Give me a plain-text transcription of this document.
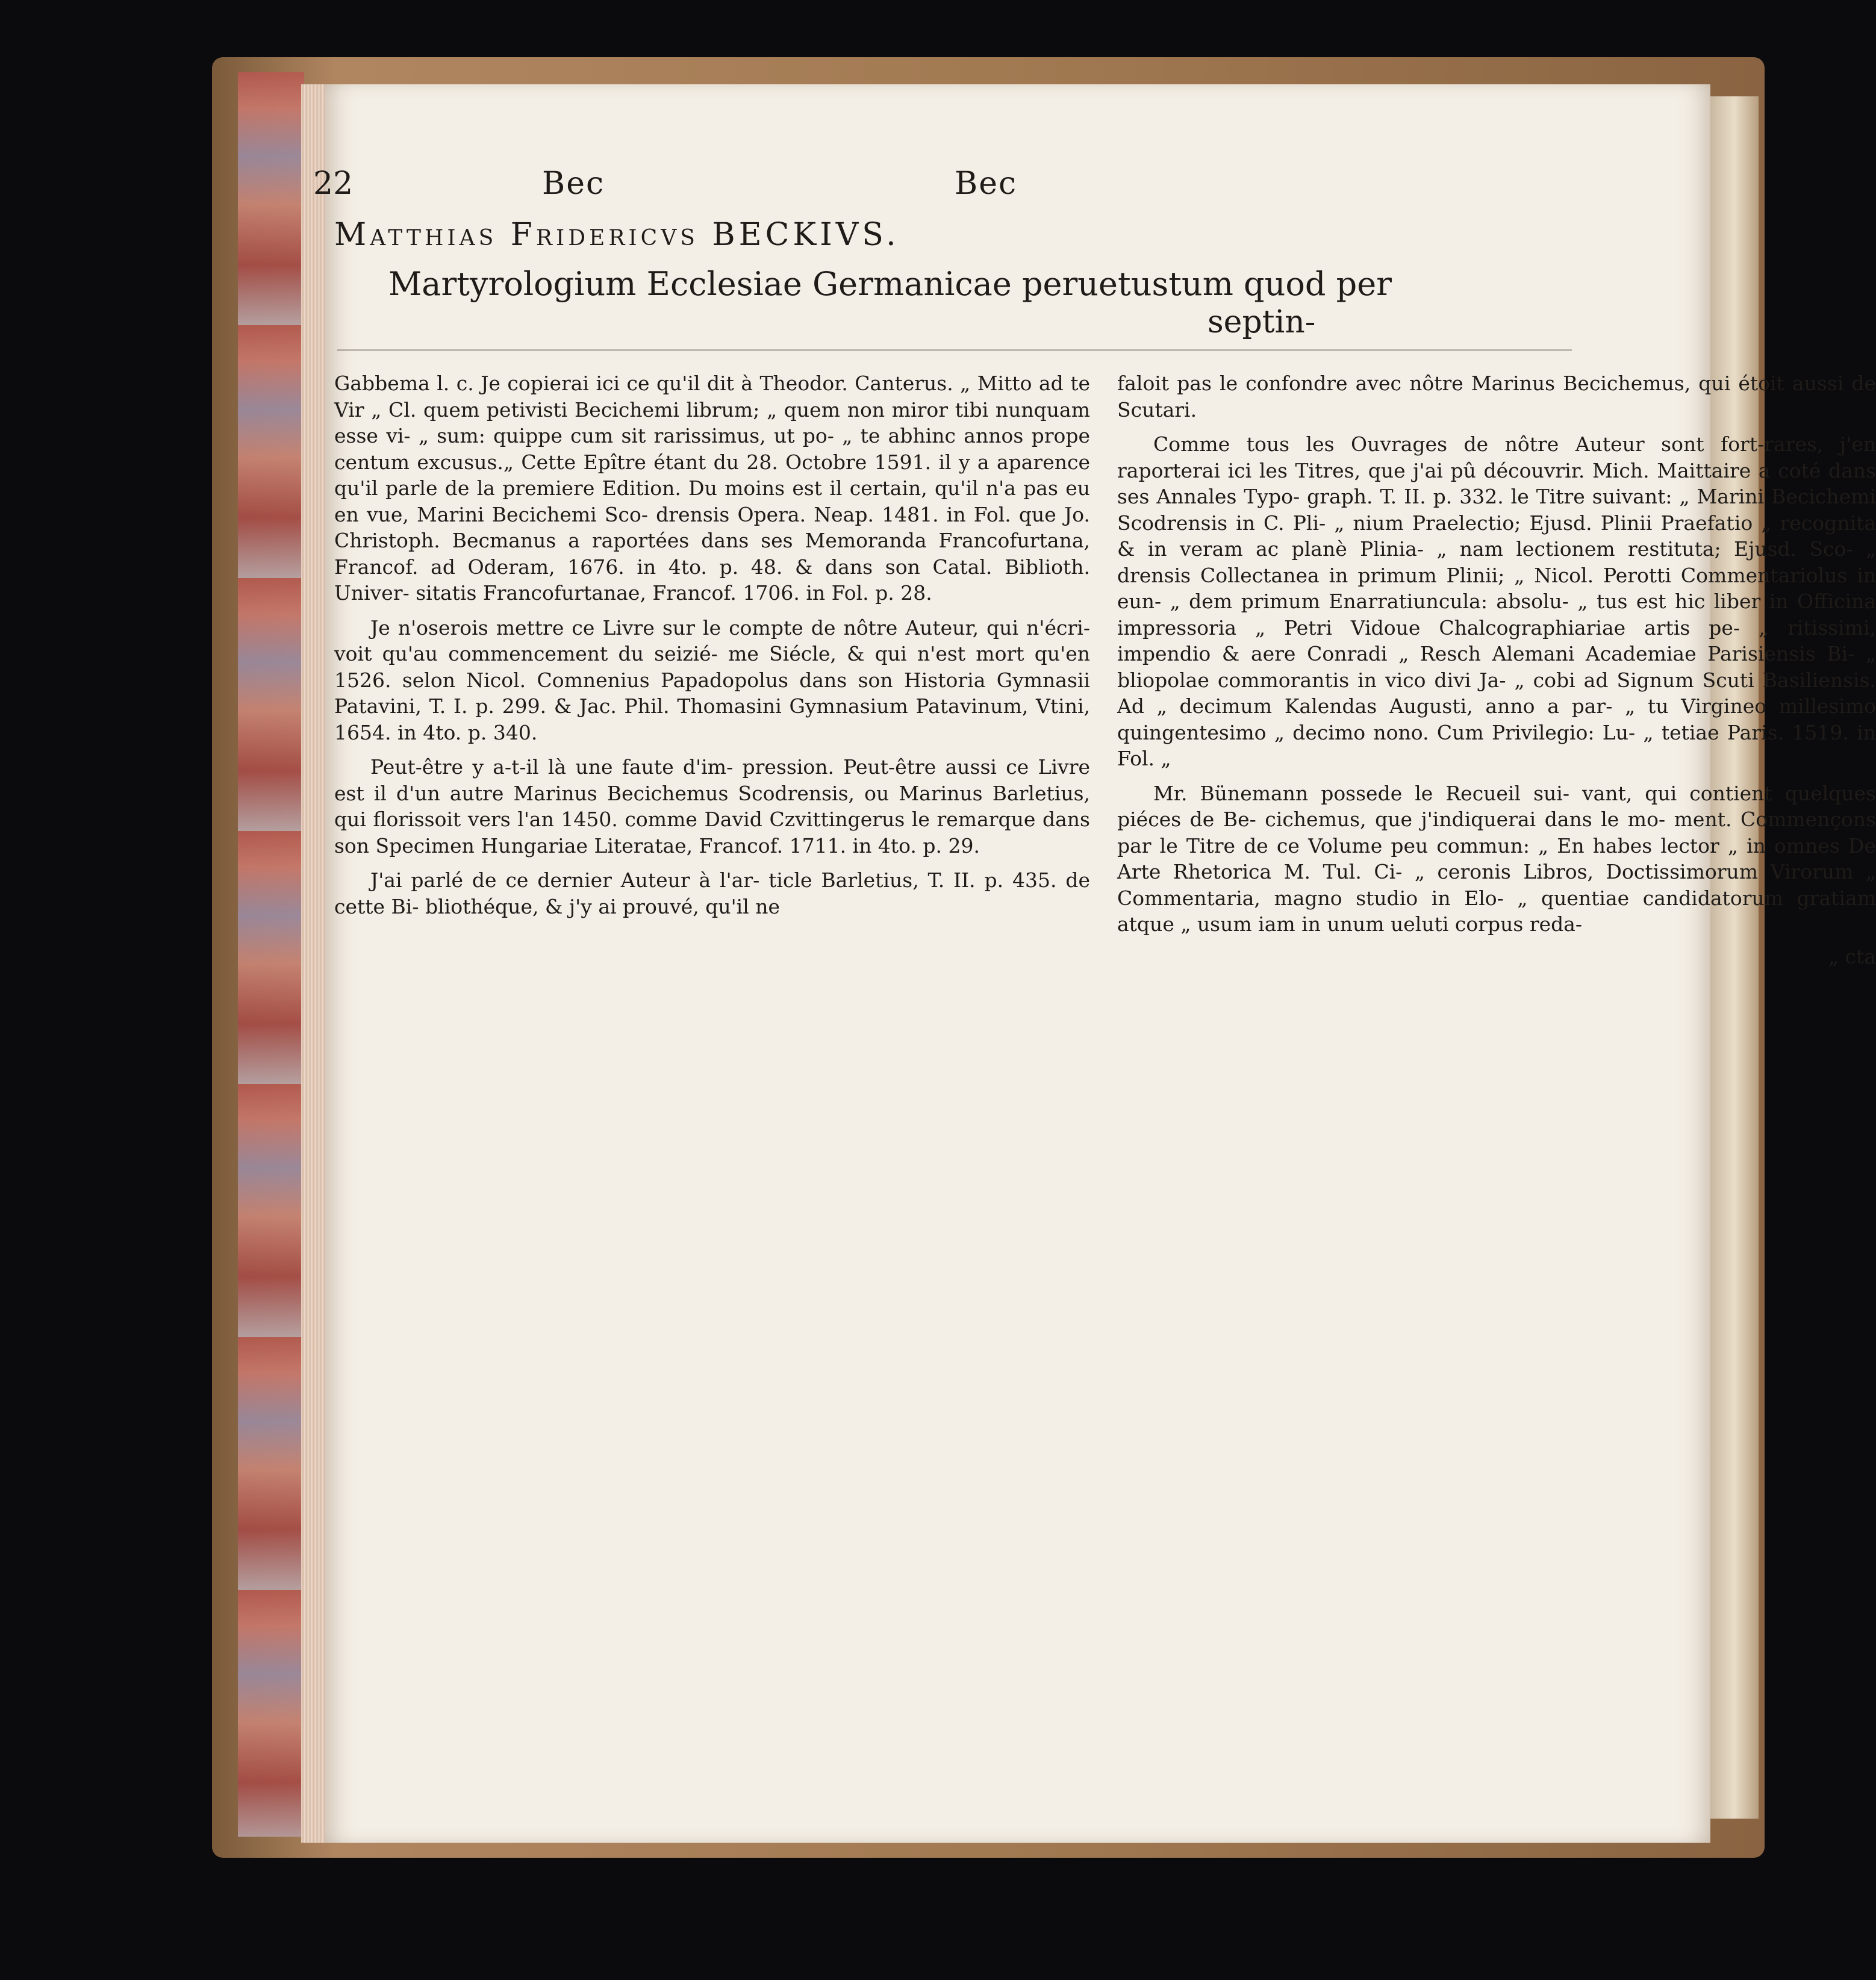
22	Bec	Bec
Matthias Fridericvs BECKIVS.
Martyrologium Ecclesiae Germanicae peruetustum quod per
septin-

Gabbema l. c. Je copierai ici ce qu'il dit à Theodor. Canterus. „ Mitto ad te Vir „ Cl. quem petivisti Becichemi librum; „ quem non miror tibi nunquam esse vi- „ sum: quippe cum sit rarissimus, ut po- „ te abhinc annos prope centum excusus.„ Cette Epître étant du 28. Octobre 1591. il y a aparence qu'il parle de la premiere Edition. Du moins est il certain, qu'il n'a pas eu en vue, Marini Becichemi Sco- drensis Opera. Neap. 1481. in Fol. que Jo. Christoph. Becmanus a raportées dans ses Memoranda Francofurtana, Francof. ad Oderam, 1676. in 4to. p. 48. & dans son Catal. Biblioth. Univer- sitatis Francofurtanae, Francof. 1706. in Fol. p. 28.

Je n'oserois mettre ce Livre sur le compte de nôtre Auteur, qui n'écri- voit qu'au commencement du seizié- me Siécle, & qui n'est mort qu'en 1526. selon Nicol. Comnenius Papadopolus dans son Historia Gymnasii Patavini, T. I. p. 299. & Jac. Phil. Thomasini Gymnasium Patavinum, Vtini, 1654. in 4to. p. 340.

Peut-être y a-t-il là une faute d'im- pression. Peut-être aussi ce Livre est il d'un autre Marinus Becichemus Scodrensis, ou Marinus Barletius, qui florissoit vers l'an 1450. comme David Czvittingerus le remarque dans son Specimen Hungariae Literatae, Francof. 1711. in 4to. p. 29.

J'ai parlé de ce dernier Auteur à l'ar- ticle Barletius, T. II. p. 435. de cette Bi- bliothéque, & j'y ai prouvé, qu'il ne

faloit pas le confondre avec nôtre Marinus Becichemus, qui étoit aussi de Scutari.

Comme tous les Ouvrages de nôtre Auteur sont fort-rares, j'en raporterai ici les Titres, que j'ai pû découvrir. Mich. Maittaire a coté dans ses Annales Typo- graph. T. II. p. 332. le Titre suivant: „ Marini Becichemi Scodrensis in C. Pli- „ nium Praelectio; Ejusd. Plinii Praefatio „ recognita & in veram ac planè Plinia- „ nam lectionem restituta; Ejusd. Sco- „ drensis Collectanea in primum Plinii; „ Nicol. Perotti Commentariolus in eun- „ dem primum Enarratiuncula: absolu- „ tus est hic liber in Officina impressoria „ Petri Vidoue Chalcographiariae artis pe- „ ritissimi, impendio & aere Conradi „ Resch Alemani Academiae Parisiensis Bi- „ bliopolae commorantis in vico divi Ja- „ cobi ad Signum Scuti Basiliensis. Ad „ decimum Kalendas Augusti, anno a par- „ tu Virgineo millesimo quingentesimo „ decimo nono. Cum Privilegio: Lu- „ tetiae Paris. 1519. in Fol. „

Mr. Bünemann possede le Recueil sui- vant, qui contient quelques piéces de Be- cichemus, que j'indiquerai dans le mo- ment. Commençons par le Titre de ce Volume peu commun: „ En habes lector „ in omnes De Arte Rhetorica M. Tul. Ci- „ ceronis Libros, Doctissimorum Virorum „ Commentaria, magno studio in Elo- „ quentiae candidatorum gratiam atque „ usum iam in unum ueluti corpus reda-

„ cta
